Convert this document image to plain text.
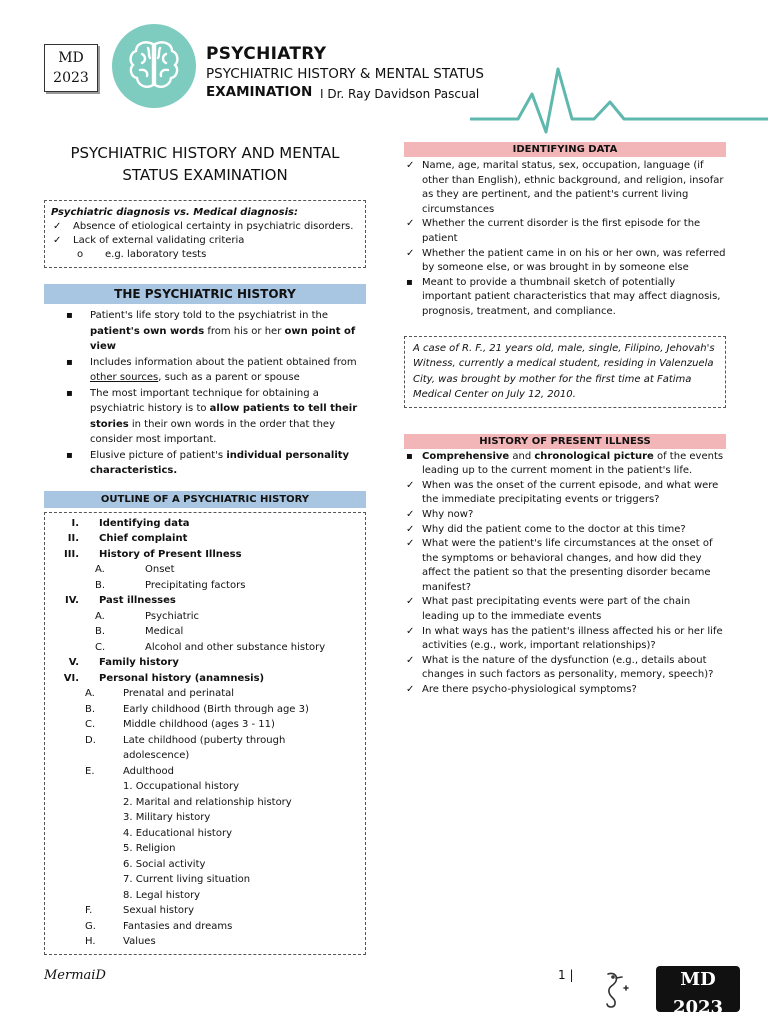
MD
2023
PSYCHIATRY
PSYCHIATRIC HISTORY & MENTAL STATUS
EXAMINATION I Dr. Ray Davidson Pascual
PSYCHIATRIC HISTORY AND MENTAL
STATUS EXAMINATION
Psychiatric diagnosis vs. Medical diagnosis:
✓ Absence of etiological certainty in psychiatric disorders.
✓ Lack of external validating criteria
o e.g. laboratory tests
THE PSYCHIATRIC HISTORY
▪ Patient's life story told to the psychiatrist in the patient's own words from his or her own point of view
▪ Includes information about the patient obtained from other sources, such as a parent or spouse
▪ The most important technique for obtaining a psychiatric history is to allow patients to tell their stories in their own words in the order that they consider most important.
▪ Elusive picture of patient's individual personality characteristics.
OUTLINE OF A PSYCHIATRIC HISTORY
I. Identifying data
II. Chief complaint
III. History of Present Illness
A.	Onset
B.	Precipitating factors
IV. Past illnesses
A.	Psychiatric
B.	Medical
C.	Alcohol and other substance history
V. Family history
VI. Personal history (anamnesis)
A.	Prenatal and perinatal
B.	Early childhood (Birth through age 3)
C.	Middle childhood (ages 3 - 11)
D.	Late childhood (puberty through
adolescence)
E.	Adulthood
1. Occupational history
2. Marital and relationship history
3. Military history
4. Educational history
5. Religion
6. Social activity
7. Current living situation
8. Legal history
F.	Sexual history
G.	Fantasies and dreams
H.	Values
IDENTIFYING DATA
✓ Name, age, marital status, sex, occupation, language (if other than English), ethnic background, and religion, insofar as they are pertinent, and the patient's current living circumstances
✓ Whether the current disorder is the first episode for the patient
✓ Whether the patient came in on his or her own, was referred by someone else, or was brought in by someone else
▪ Meant to provide a thumbnail sketch of potentially important patient characteristics that may affect diagnosis, prognosis, treatment, and compliance.
A case of R. F., 21 years old, male, single, Filipino, Jehovah's Witness, currently a medical student, residing in Valenzuela City, was brought by mother for the first time at Fatima Medical Center on July 12, 2010.
HISTORY OF PRESENT ILLNESS
▪ Comprehensive and chronological picture of the events leading up to the current moment in the patient's life.
✓ When was the onset of the current episode, and what were the immediate precipitating events or triggers?
✓ Why now?
✓ Why did the patient come to the doctor at this time?
✓ What were the patient's life circumstances at the onset of the symptoms or behavioral changes, and how did they affect the patient so that the presenting disorder became manifest?
✓ What past precipitating events were part of the chain leading up to the immediate events
✓ In what ways has the patient's illness affected his or her life activities (e.g., work, important relationships)?
✓ What is the nature of the dysfunction (e.g., details about changes in such factors as personality, memory, speech)?
✓ Are there psycho-physiological symptoms?
MermaiD	1 |	MD 2023
Transcriptions
